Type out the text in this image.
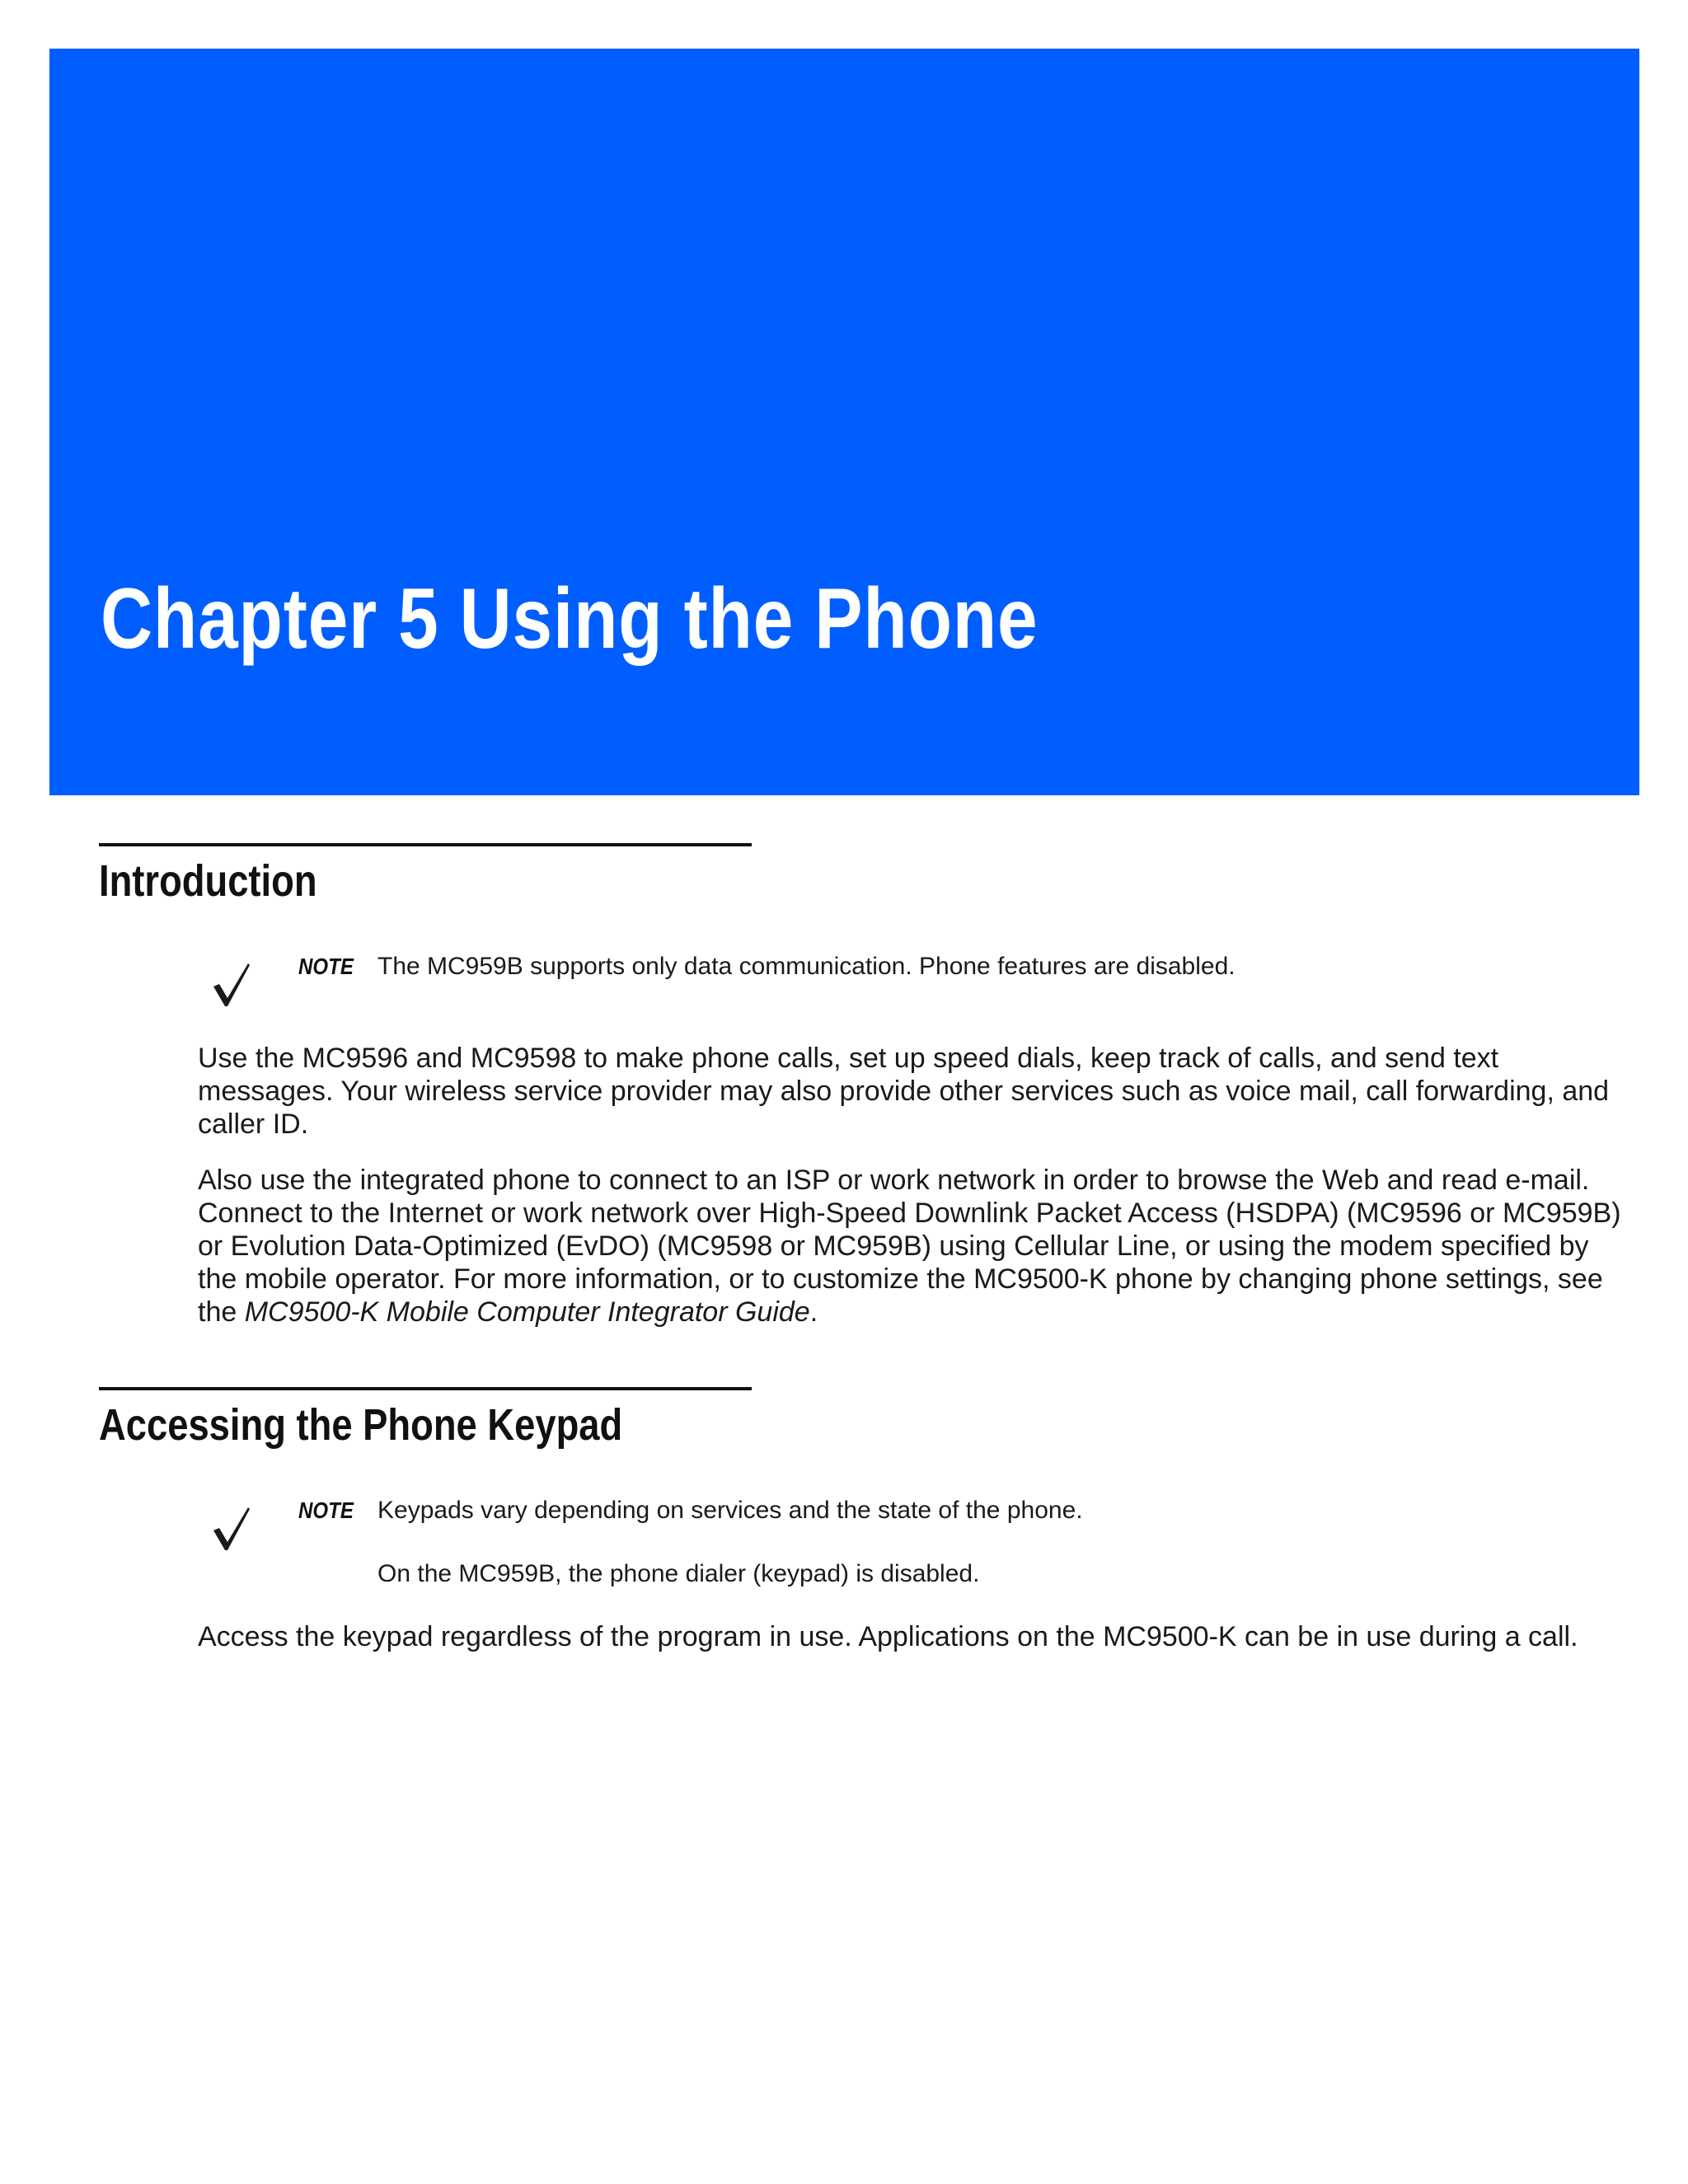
Chapter 5 Using the Phone
Introduction
NOTE The MC959B supports only data communication. Phone features are disabled.

Use the MC9596 and MC9598 to make phone calls, set up speed dials, keep track of calls, and send text
messages. Your wireless service provider may also provide other services such as voice mail, call forwarding, and
caller ID.

Also use the integrated phone to connect to an ISP or work network in order to browse the Web and read e-mail.
Connect to the Internet or work network over High-Speed Downlink Packet Access (HSDPA) (MC9596 or MC959B)
or Evolution Data-Optimized (EvDO) (MC9598 or MC959B) using Cellular Line, or using the modem specified by
the mobile operator. For more information, or to customize the MC9500-K phone by changing phone settings, see
the MC9500-K Mobile Computer Integrator Guide.

Accessing the Phone Keypad
NOTE Keypads vary depending on services and the state of the phone.
On the MC959B, the phone dialer (keypad) is disabled.

Access the keypad regardless of the program in use. Applications on the MC9500-K can be in use during a call.
